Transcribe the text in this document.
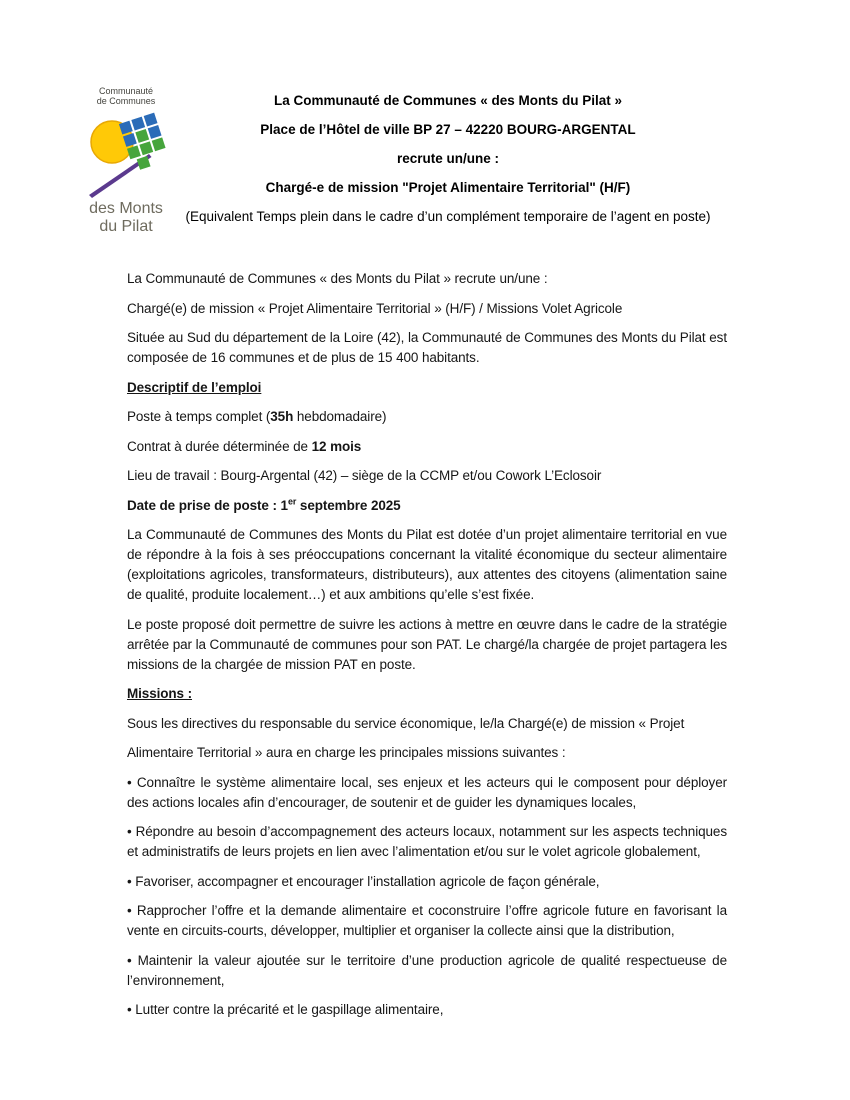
Communauté
de Communes
des Monts
du Pilat

La Communauté de Communes « des Monts du Pilat »

Place de l’Hôtel de ville BP 27 – 42220 BOURG-ARGENTAL

recrute un/une :

Chargé-e de mission "Projet Alimentaire Territorial" (H/F)

(Equivalent Temps plein dans le cadre d’un complément temporaire de l’agent en poste)

La Communauté de Communes « des Monts du Pilat » recrute un/une :

Chargé(e) de mission « Projet Alimentaire Territorial » (H/F) / Missions Volet Agricole

Située au Sud du département de la Loire (42), la Communauté de Communes des Monts du Pilat est composée de 16 communes et de plus de 15 400 habitants.

Descriptif de l’emploi

Poste à temps complet (35h hebdomadaire)

Contrat à durée déterminée de 12 mois

Lieu de travail : Bourg-Argental (42) – siège de la CCMP et/ou Cowork L’Eclosoir

Date de prise de poste : 1er septembre 2025

La Communauté de Communes des Monts du Pilat est dotée d’un projet alimentaire territorial en vue de répondre à la fois à ses préoccupations concernant la vitalité économique du secteur alimentaire (exploitations agricoles, transformateurs, distributeurs), aux attentes des citoyens (alimentation saine de qualité, produite localement…) et aux ambitions qu’elle s’est fixée.

Le poste proposé doit permettre de suivre les actions à mettre en œuvre dans le cadre de la stratégie arrêtée par la Communauté de communes pour son PAT. Le chargé/la chargée de projet partagera les missions de la chargée de mission PAT en poste.

Missions :

Sous les directives du responsable du service économique, le/la Chargé(e) de mission « Projet

Alimentaire Territorial » aura en charge les principales missions suivantes :

• Connaître le système alimentaire local, ses enjeux et les acteurs qui le composent pour déployer des actions locales afin d’encourager, de soutenir et de guider les dynamiques locales,

• Répondre au besoin d’accompagnement des acteurs locaux, notamment sur les aspects techniques et administratifs de leurs projets en lien avec l’alimentation et/ou sur le volet agricole globalement,

• Favoriser, accompagner et encourager l’installation agricole de façon générale,

• Rapprocher l’offre et la demande alimentaire et coconstruire l’offre agricole future en favorisant la vente en circuits-courts, développer, multiplier et organiser la collecte ainsi que la distribution,

• Maintenir la valeur ajoutée sur le territoire d’une production agricole de qualité respectueuse de l’environnement,

• Lutter contre la précarité et le gaspillage alimentaire,
